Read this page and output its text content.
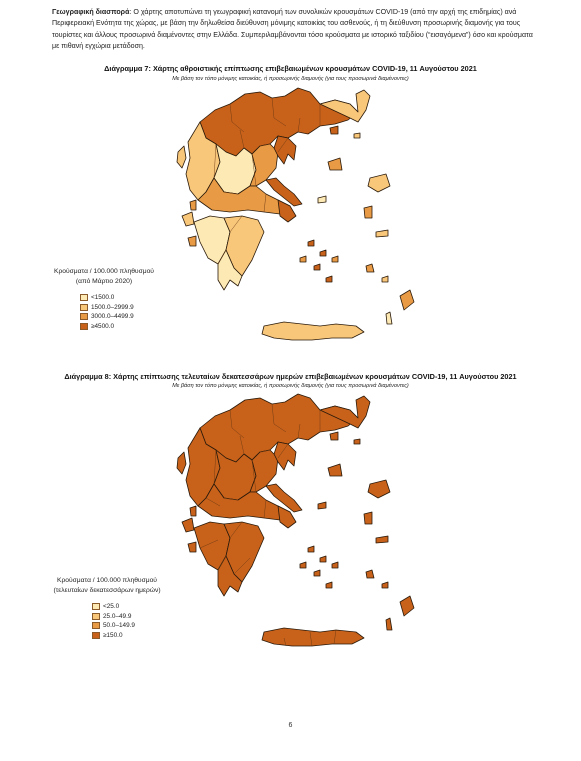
Γεωγραφική διασπορά: Ο χάρτης αποτυπώνει τη γεωγραφική κατανομή των συνολικών κρουσμάτων COVID-19 (από την αρχή της επιδημίας) ανά Περιφερειακή Ενότητα της χώρας, με βάση την δηλωθείσα διεύθυνση μόνιμης κατοικίας του ασθενούς, ή τη διεύθυνση προσωρινής διαμονής για τους τουρίστες και άλλους προσωρινά διαμένοντες στην Ελλάδα. Συμπεριλαμβάνονται τόσο κρούσματα με ιστορικό ταξιδίου (“εισαγόμενα”) όσο και κρούσματα με πιθανή εγχώρια μετάδοση.
Διάγραμμα 7: Χάρτης αθροιστικής επίπτωσης επιβεβαιωμένων κρουσμάτων COVID-19, 11 Αυγούστου 2021
Με βάση τον τόπο μόνιμης κατοικίας, ή προσωρινής διαμονής (για τους προσωρινά διαμένοντες)
Κρούσματα / 100.000 πληθυσμού
(από Μάρτιο 2020)
<1500.0
1500.0–2999.9
3000.0–4499.9
≥4500.0
Διάγραμμα 8: Χάρτης επίπτωσης τελευταίων δεκατεσσάρων ημερών επιβεβαιωμένων κρουσμάτων COVID-19, 11 Αυγούστου 2021
Με βάση τον τόπο μόνιμης κατοικίας, ή προσωρινής διαμονής (για τους προσωρινά διαμένοντες)
Κρούσματα / 100.000 πληθυσμού
(τελευταίων δεκατεσσάρων ημερών)
<25.0
25.0–49.9
50.0–149.9
≥150.0
6
